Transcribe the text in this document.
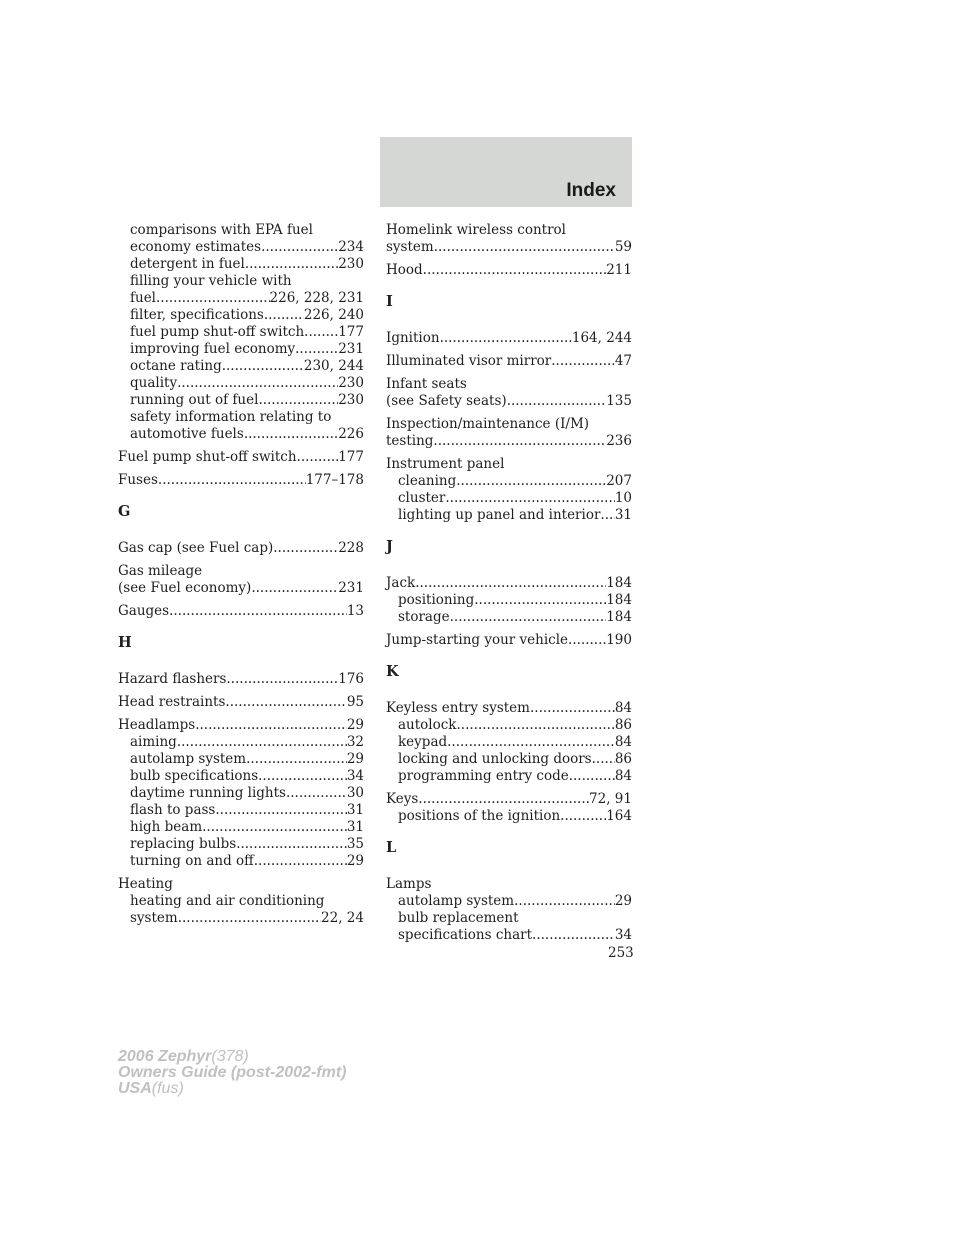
Index
comparisons with EPA fuel
economy estimates .....	234
detergent in fuel .....	230
filling your vehicle with
fuel .....	226, 228, 231
filter, specifications .....	226, 240
fuel pump shut-off switch .....	177
improving fuel economy .....	231
octane rating .....	230, 244
quality .....	230
running out of fuel .....	230
safety information relating to
automotive fuels .....	226
Fuel pump shut-off switch .....	177
Fuses .....	177–178
G
Gas cap (see Fuel cap) .....	228
Gas mileage
(see Fuel economy) .....	231
Gauges .....	13
H
Hazard flashers .....	176
Head restraints .....	95
Headlamps .....	29
aiming .....	32
autolamp system .....	29
bulb specifications .....	34
daytime running lights .....	30
flash to pass .....	31
high beam .....	31
replacing bulbs .....	35
turning on and off .....	29
Heating
heating and air conditioning
system .....	22, 24
Homelink wireless control
system .....	59
Hood .....	211
I
Ignition .....	164, 244
Illuminated visor mirror .....	47
Infant seats
(see Safety seats) .....	135
Inspection/maintenance (I/M)
testing .....	236
Instrument panel
cleaning .....	207
cluster .....	10
lighting up panel and interior ..... 31
J
Jack .....	184
positioning .....	184
storage .....	184
Jump-starting your vehicle .....	190
K
Keyless entry system .....	84
autolock .....	86
keypad .....	84
locking and unlocking doors ..... 86
programming entry code .....	84
Keys .....	72, 91
positions of the ignition .....	164
L
Lamps
autolamp system .....	29
bulb replacement
specifications chart .....	34
253
2006 Zephyr(378)
Owners Guide (post-2002-fmt)
USA(fus)
